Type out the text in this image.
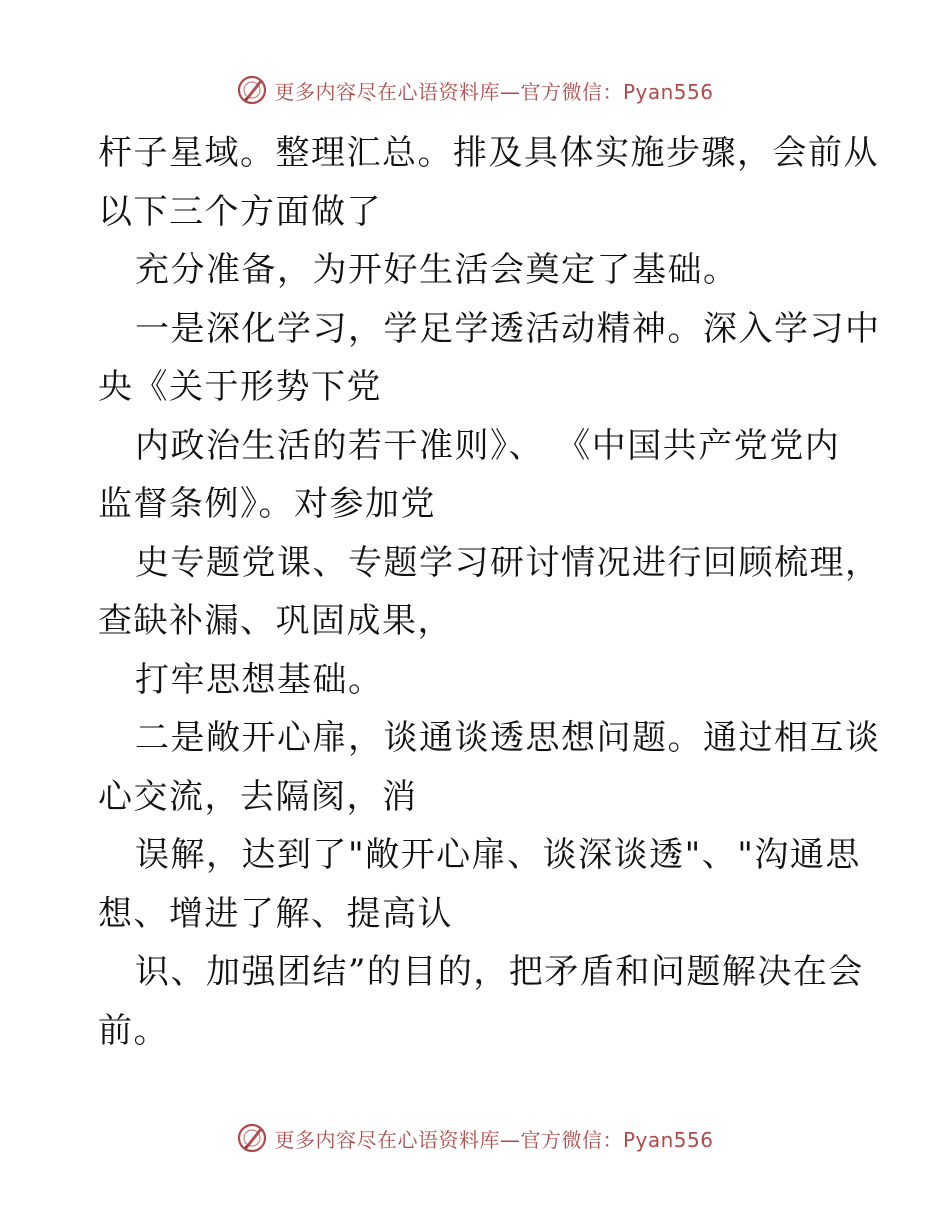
更多内容尽在心语资料库—官方微信：Pyan556
杆子星域。整理汇总。排及具体实施步骤，会前从
以下三个方面做了
充分准备，为开好生活会奠定了基础。
一是深化学习，学足学透活动精神。深入学习中
央《关于形势下党
内政治生活的若干准则》、 《中国共产党党内
监督条例》。对参加党
史专题党课、专题学习研讨情况进行回顾梳理，
查缺补漏、巩固成果，
打牢思想基础。
二是敞开心扉，谈通谈透思想问题。通过相互谈
心交流，去隔阂，消
误解，达到了"敞开心扉、谈深谈透"、"沟通思
想、增进了解、提高认
识、加强团结”的目的，把矛盾和问题解决在会
前。
更多内容尽在心语资料库—官方微信：Pyan556
